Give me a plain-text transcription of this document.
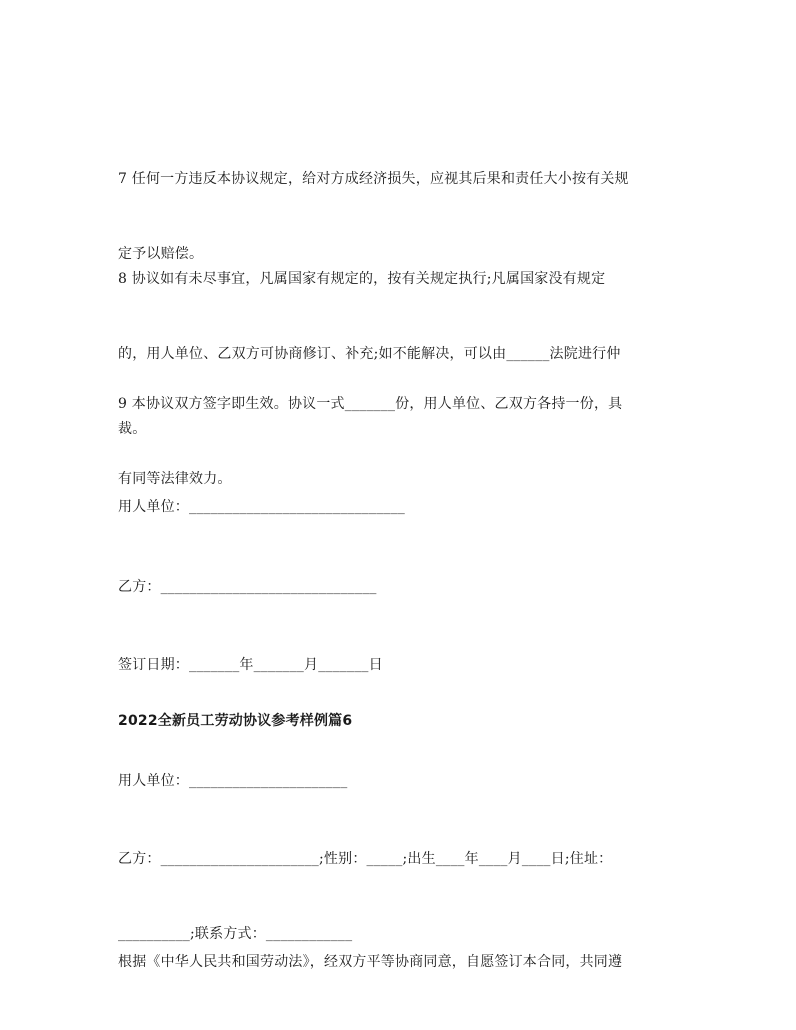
7 任何一方违反本协议规定，给对方成经济损失，应视其后果和责任大小按有关规

定予以赔偿。

8 协议如有未尽事宜，凡属国家有规定的，按有关规定执行;凡属国家没有规定

的，用人单位、乙双方可协商修订、补充;如不能解决，可以由______法院进行仲

裁。

9 本协议双方签字即生效。协议一式_______份，用人单位、乙双方各持一份，具

有同等法律效力。

用人单位：______________________________

乙方：______________________________

签订日期：_______年_______月_______日

2022全新员工劳动协议参考样例篇6

用人单位：______________________

乙方：______________________;性别：_____;出生____年____月____日;住址：

__________;联系方式：____________

根据《中华人民共和国劳动法》，经双方平等协商同意，自愿签订本合同，共同遵
